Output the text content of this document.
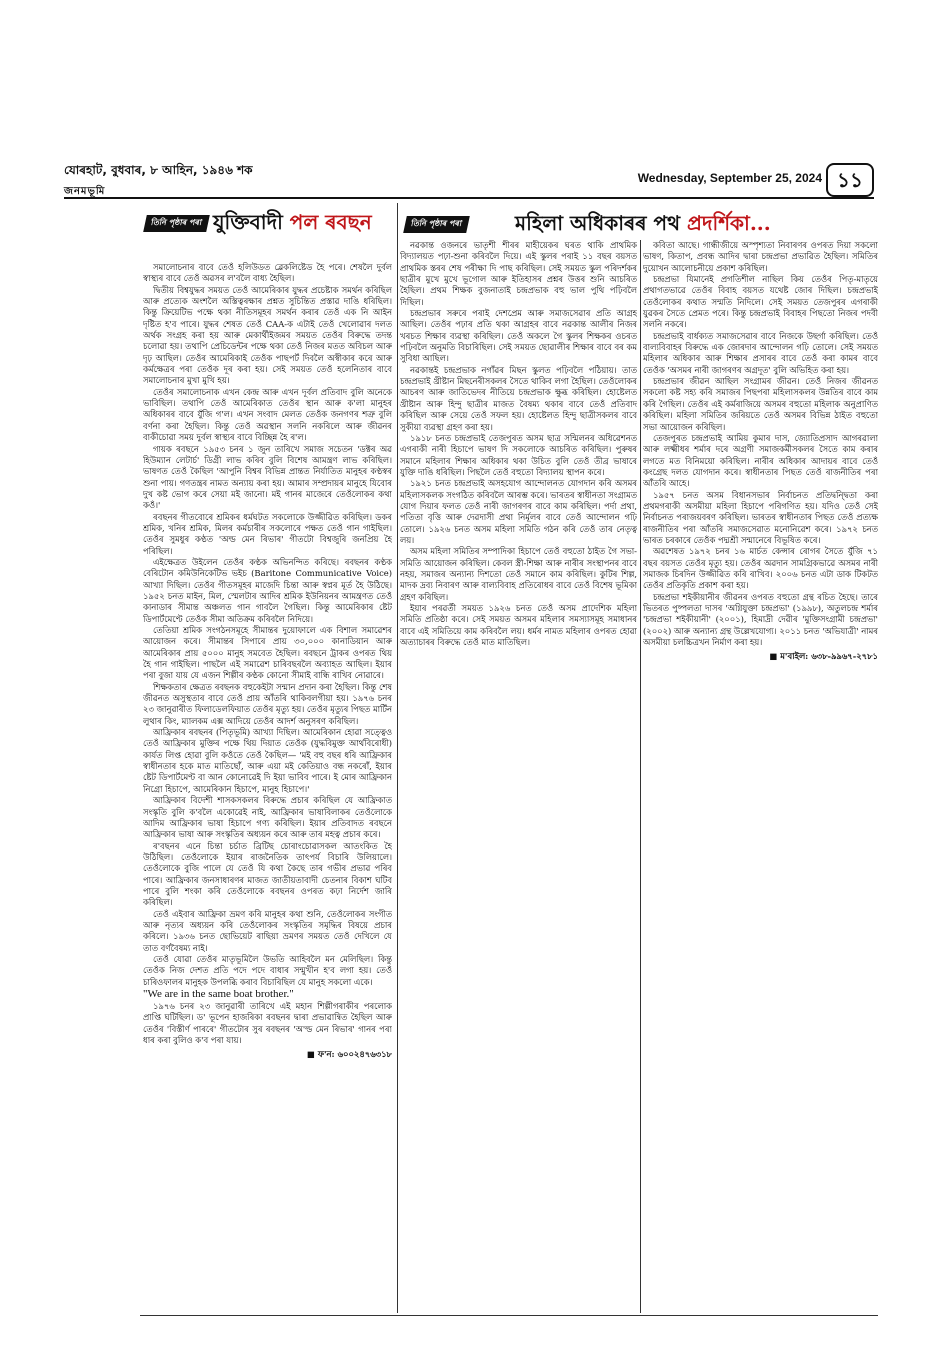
যোৰহাট, বুধবাৰ, ৮ আহিন, ১৯৪৬ শক
জনমভূমি
Wednesday, September 25, 2024 ১১
তিনি পৃষ্ঠাৰ পৰা যুক্তিবাদী পল ৰবছন

সমালোচনাৰ বাবে তেওঁ হলিউডত ব্লেকলিষ্টেড হৈ পৰে। শেষলৈ দুৰ্বল স্বাস্থ্যৰ বাবে তেওঁ অৱসৰ ল'বলৈ বাধ্য হৈছিল।

দ্বিতীয় বিশ্বযুদ্ধৰ সময়ত তেওঁ আমেৰিকাৰ যুদ্ধৰ প্ৰচেষ্টাক সমৰ্থন কৰিছিল আৰু প্ৰত্যেক অংশলৈ অস্তিত্বৰক্ষাৰ প্ৰশ্নত সুচিন্তিত প্ৰস্তাৱ দাঙি ধৰিছিল। কিন্তু ক্ৰিয়েটিভ পক্ষে থকা নীতিসমূহৰ সমৰ্থন কৰাৰ তেওঁ এক নি আইন দৃষ্টিত হ'ব পাৰে। যুদ্ধৰ শেষত তেওঁ CAA-ক এটাই তেওঁ খেলোৱাৰ দলত অৰ্থক সংগ্ৰহ কৰা হয় আৰু মেকাৰ্থীইজমৰ সময়ত তেওঁৰ বিৰুদ্ধে তদন্ত চলোৱা হয়। তথাপি প্ৰেচিডেন্টৰ পক্ষে থকা তেওঁ নিজৰ মতত অবিচল আৰু দৃঢ় আছিল। তেওঁৰ আমেৰিকাই তেওঁক পাছপৰ্ট দিবলৈ অস্বীকাৰ কৰে আৰু কৰ্মক্ষেত্ৰৰ পৰা তেওঁক দূৰ কৰা হয়। সেই সময়ত তেওঁ হলেনিতাৰ বাবে সমালোচনাৰ মুখা মুখি হয়।

তেওঁৰ সমালোচনাক এখন কেন্দ্ৰ আৰু এখন দূৰ্বল প্ৰতিবাদ বুলি অনেকে ভাবিছিল। তথাপি তেওঁ আমেৰিকাত তেওঁৰ স্থান আৰু ক'লা মানুহৰ অধিকাৰৰ বাবে যুঁজি গ'ল। এখন সংবাদ মেলত তেওঁক জনগণৰ শত্ৰু বুলি বৰ্ণনা কৰা হৈছিল। কিন্তু তেওঁ অৱস্থান সলনি নকৰিলে আৰু জীৱনৰ বাকীচোৱা সময় দুৰ্বল স্বাস্থ্যৰ বাবে বিচ্ছিন্ন হৈ ৰ'ল।

গায়ক ৰবছনে ১৯৫৩ চনৰ ১ জুন তাৰিখে সমাজ সচেতন 'ডক্টৰ অৱ হিউম্যান লেটাৰ্চ' ডিগ্ৰী লাভ কৰিব বুলি বিশেষ আমন্ত্ৰণ লাভ কৰিছিল। ভাষণত তেওঁ কৈছিল 'আপুনি বিশ্বৰ বিভিন্ন প্ৰান্তত নিৰ্যাতিত মানুহৰ কণ্ঠস্বৰ শুনা পায়। গণতন্ত্ৰৰ নামত অন্যায় কৰা হয়। আমাৰ সম্প্ৰদায়ৰ মানুহে যিবোৰ দুখ কষ্ট ভোগ কৰে সেয়া মই জানো। মই গানৰ মাজেৰে তেওঁলোকৰ কথা কওঁ।'

ৰবছনৰ গীতবোৰে শ্ৰমিকৰ ধৰ্মঘটত সকলোকে উজ্জীৱিত কৰিছিল। ডকৰ শ্ৰমিক, খনিৰ শ্ৰমিক, মিলৰ কৰ্মচাৰীৰ সকলোৰে পক্ষত তেওঁ গান গাইছিল। তেওঁৰ সুমধুৰ কণ্ঠত 'অল্ড মেন ৰিভাৰ' গীতটো বিশ্বজুৰি জনপ্ৰিয় হৈ পৰিছিল।

এইক্ষেত্ৰত উইলেন তেওঁৰ কণ্ঠক অভিনন্দিত কৰিছে। ৰবছনৰ কণ্ঠক বেৰিটোন কমিউনিকেটিভ ভইচ (Baritone Communicative Voice) আখ্যা দিছিল। তেওঁৰ গীতসমূহৰ মাজেদি চিন্তা আৰু স্বপ্নৰ মূৰ্ত হৈ উঠিছে। ১৯৫২ চনত মাইন, মিল, স্মেলটাৰ আদিৰ শ্ৰমিক ইউনিয়নৰ আমন্ত্ৰণত তেওঁ কানাডাৰ সীমান্ত অঞ্চলত গান গাবলৈ গৈছিল। কিন্তু আমেৰিকাৰ ষ্টেট ডিপাৰ্টমেণ্টে তেওঁক সীমা অতিক্ৰম কৰিবলৈ নিদিয়ে।

তেতিয়া শ্ৰমিক সংগঠনসমূহে সীমান্তৰ দুয়োফালে এক বিশাল সমাৱেশৰ আয়োজন কৰে। সীমান্তৰ সিপাৰে প্ৰায় ৩০,০০০ কানাডিয়ান আৰু আমেৰিকাৰ প্ৰায় ৫০০০ মানুহ সমবেত হৈছিল। ৰবছনে ট্ৰাকৰ ওপৰত থিয় হৈ গান গাইছিল। পাছলৈ এই সমাৱেশ চাৰিবছৰলৈ অব্যাহত আছিল। ইয়াৰ পৰা বুজা যায় যে এজন শিল্পীৰ কণ্ঠক কোনো সীমাই বান্ধি ৰাখিব নোৱাৰে।

শিক্ষকতাৰ ক্ষেত্ৰত ৰবছনক বহুকেইটা সন্মান প্ৰদান কৰা হৈছিল। কিন্তু শেষ জীৱনত অসুস্থতাৰ বাবে তেওঁ প্ৰায় আঁতৰি থাকিবলগীয়া হয়। ১৯৭৬ চনৰ ২৩ জানুৱাৰীত ফিলাডেলফিয়াত তেওঁৰ মৃত্যু হয়। তেওঁৰ মৃত্যুৰ পিছত মাৰ্টিন লুথাৰ কিং, ম্যালকম এক্স আদিয়ে তেওঁৰ আদৰ্শ অনুসৰণ কৰিছিল।

আফ্ৰিকাৰ ৰবছনৰ (পিতৃভূমি) আখ্যা দিছিল। আমেৰিকান হোৱা সত্ত্বেও তেওঁ আফ্ৰিকাৰ মুক্তিৰ পক্ষে থিয় দিয়াত তেওঁক (যুদ্ধবিমুক্ত আৰ্থবিৰোধী) কাৰ্যত লিপ্ত হোৱা বুলি কওঁতে তেওঁ কৈছিল— 'মই বহু বছৰ ধৰি আফ্ৰিকাৰ স্বাধীনতাৰ হকে মাত মাতিছোঁ, আৰু এয়া মই কেতিয়াও বন্ধ নকৰোঁ, ইয়াৰ ষ্টেট ডিপাৰ্টমেণ্ট বা আন কোনোৱেই দি ইয়া ভাবিব পাৰে। ই মোৰ আফ্ৰিকান নিগ্ৰো হিচাপে, আমেৰিকান হিচাপে, মানুহ হিচাপে।'

আফ্ৰিকাৰ বিদেশী শাসকসকলৰ বিৰুদ্ধে প্ৰচাৰ কৰিছিল যে আফ্ৰিকাত সংস্কৃতি বুলি ক'বলৈ একোৱেই নাই, আফ্ৰিকাৰ ভাষাবিলাকৰ তেওঁলোকে আদিম আফ্ৰিকাৰ ভাষা হিচাপে গণ্য কৰিছিল। ইয়াৰ প্ৰতিবাদত ৰবছনে আফ্ৰিকাৰ ভাষা আৰু সংস্কৃতিৰ অধ্যয়ন কৰে আৰু তাৰ মহত্ব প্ৰচাৰ কৰে।

ৰ'বছনৰ এনে চিন্তা চৰ্চাত ব্ৰিটিছ চোৰাংচোৱাসকল আতংকিত হৈ উঠিছিল। তেওঁলোকে ইয়াৰ ৰাজনৈতিক তাৎপৰ্য বিচাৰি উলিয়ালে। তেওঁলোকে বুজি পালে যে তেওঁ যি কথা কৈছে তাৰ গভীৰ প্ৰভাৱ পৰিব পাৰে। আফ্ৰিকাৰ জনসাধাৰণৰ মাজত জাতীয়তাবাদী চেতনাৰ বিকাশ ঘটিব পাৰে বুলি শংকা কৰি তেওঁলোকে ৰবছনৰ ওপৰত কঢ়া নিৰ্দেশ জাৰি কৰিছিল।

তেওঁ এইবাৰ আফ্ৰিকা ভ্ৰমণ কৰি মানুহৰ কথা শুনি, তেওঁলোকৰ সংগীত আৰু নৃত্যৰ অধ্যয়ন কৰি তেওঁলোকৰ সংস্কৃতিৰ সমৃদ্ধিৰ বিষয়ে প্ৰচাৰ কৰিলে। ১৯৩৬ চনত ছোভিয়েট ৰাছিয়া ভ্ৰমণৰ সময়ত তেওঁ দেখিলে যে তাত বৰ্ণবৈষম্য নাই।

তেওঁ যোৱা তেওঁৰ মাতৃভূমিলৈ উভতি আহিবলৈ মন মেলিছিল। কিন্তু তেওঁক নিজ দেশত প্ৰতি পদে পদে বাধাৰ সন্মুখীন হ'ব লগা হয়। তেওঁ চাৰিওফালৰ মানুহক উপলব্ধি কৰাব বিচাৰিছিল যে মানুহ সকলো একে।

"We are in the same boat brother."

১৯৭৬ চনৰ ২৩ জানুৱাৰী তাৰিখে এই মহান শিল্পীগৰাকীৰ পৰলোক প্ৰাপ্তি ঘটিছিল। ড' ভূপেন হাজৰিকা ৰবছনৰ দ্বাৰা প্ৰভাৱান্বিত হৈছিল আৰু তেওঁৰ 'বিস্তীৰ্ণ পাৰৰে' গীতটোৰ সুৰ ৰবছনৰ 'অ'ল্ড মেন ৰিভাৰ' গানৰ পৰা ধাৰ কৰা বুলিও ক'ব পৰা যায়।

■ ফ'ন: ৬০০২৪৭৬৩১৮

তিনি পৃষ্ঠাৰ পৰা	মহিলা অধিকাৰৰ পথ প্ৰদৰ্শিকা...

নৱকান্ত ওজনৰে ভাতৃশী শীৰৰ মাহীয়েকৰ ঘৰত থাকি প্ৰাথমিক বিদ্যালয়ত পঢ়া-শুনা কৰিবলৈ দিয়ে। এই স্কুলৰ পৰাই ১১ বছৰ বয়সত প্ৰাথমিক স্তৰৰ শেষ পৰীক্ষা দি পাছ কৰিছিল। সেই সময়ত স্কুল পৰিদৰ্শকৰ ছাত্ৰীৰ মুখে মুখে ভূগোল আৰু ইতিহাসৰ প্ৰশ্নৰ উত্তৰ শুনি আচৰিত হৈছিল। প্ৰথম শিক্ষক বুজনাতাই চন্দ্ৰপ্ৰভাক বহু ভাল পুথি পঢ়িবলৈ দিছিল।

চন্দ্ৰপ্ৰভাৰ সৰুৰে পৰাই দেশপ্ৰেম আৰু সমাজসেৱাৰ প্ৰতি আগ্ৰহ আছিল। তেওঁৰ পঢ়াৰ প্ৰতি থকা আগ্ৰহৰ বাবে নৱকান্ত আলীৰ নিজৰ খৰচত শিক্ষাৰ ব্যৱস্থা কৰিছিল। তেওঁ অকলে গৈ স্কুলৰ শিক্ষকৰ ওচৰত পঢ়িবলৈ অনুমতি বিচাৰিছিল। সেই সময়ত ছোৱালীৰ শিক্ষাৰ বাবে বৰ কম সুবিধা আছিল।

নৱকান্তই চন্দ্ৰপ্ৰভাক নগাঁৱৰ মিছন স্কুলত পঢ়িবলৈ পঠিয়ায়। তাত চন্দ্ৰপ্ৰভাই খ্ৰীষ্টান মিছনেৰীসকলৰ সৈতে থাকিব লগা হৈছিল। তেওঁলোকৰ আচৰণ আৰু জাতিভেদৰ নীতিয়ে চন্দ্ৰপ্ৰভাক ক্ষুব্ধ কৰিছিল। হোষ্টেলত খ্ৰীষ্টান আৰু হিন্দু ছাত্ৰীৰ মাজত বৈষম্য থকাৰ বাবে তেওঁ প্ৰতিবাদ কৰিছিল আৰু সেয়ে তেওঁ সফল হয়। হোষ্টেলত হিন্দু ছাত্ৰীসকলৰ বাবে সুকীয়া ব্যৱস্থা গ্ৰহণ কৰা হয়।

১৯১৮ চনত চন্দ্ৰপ্ৰভাই তেজপুৰত অসম ছাত্ৰ সন্মিলনৰ অধিৱেশনত এগৰাকী নাৰী হিচাপে ভাষণ দি সকলোকে আচৰিত কৰিছিল। পুৰুষৰ সমানে মহিলাৰ শিক্ষাৰ অধিকাৰ থকা উচিত বুলি তেওঁ তীব্ৰ ভাষাৰে যুক্তি দাঙি ধৰিছিল। পিছলৈ তেওঁ বহুতো বিদ্যালয় স্থাপন কৰে।

১৯২১ চনত চন্দ্ৰপ্ৰভাই অসহযোগ আন্দোলনত যোগদান কৰি অসমৰ মহিলাসকলক সংগঠিত কৰিবলৈ আৰম্ভ কৰে। ভাৰতৰ স্বাধীনতা সংগ্ৰামত যোগ দিয়াৰ ফলত তেওঁ নাৰী জাগৰণৰ বাবে কাম কৰিছিল। পৰ্দা প্ৰথা, পতিতা বৃত্তি আৰু দেৱদাসী প্ৰথা নিৰ্মূলৰ বাবে তেওঁ আন্দোলন গঢ়ি তোলে। ১৯২৬ চনত অসম মহিলা সমিতি গঠন কৰি তেওঁ তাৰ নেতৃত্ব লয়।

অসম মহিলা সমিতিৰ সম্পাদিকা হিচাপে তেওঁ বহুতো ঠাইত গৈ সভা-সমিতি আয়োজন কৰিছিল। কেবল স্ত্ৰী-শিক্ষা আৰু নাৰীৰ সংস্থাপনৰ বাবে নহয়, সমাজৰ অন্যান্য দিশতো তেওঁ সমানে কাম কৰিছিল। কুটিৰ শিল্প, মাদক দ্ৰব্য নিবাৰণ আৰু বাল্যবিবাহ প্ৰতিৰোধৰ বাবে তেওঁ বিশেষ ভূমিকা গ্ৰহণ কৰিছিল।

ইয়াৰ পৰৱৰ্তী সময়ত ১৯২৬ চনত তেওঁ অসম প্ৰাদেশিক মহিলা সমিতি প্ৰতিষ্ঠা কৰে। সেই সময়ত অসমৰ মহিলাৰ সমস্যাসমূহ সমাধানৰ বাবে এই সমিতিয়ে কাম কৰিবলৈ লয়। ধৰ্মৰ নামত মহিলাৰ ওপৰত হোৱা অত্যাচাৰৰ বিৰুদ্ধে তেওঁ মাত মাতিছিল।

কবিতা আছে। গান্ধীজীয়ে অস্পৃশ্যতা নিবাৰণৰ ওপৰত দিয়া সকলো ভাষণ, কিতাপ, প্ৰবন্ধ আদিৰ দ্বাৰা চন্দ্ৰপ্ৰভা প্ৰভাৱিত হৈছিল। সমিতিৰ দুয়োখন আলোচনীয়ে প্ৰকাশ কৰিছিল।

চন্দ্ৰপ্ৰভা যিমানেই প্ৰগতিশীল নাছিল কিয় তেওঁৰ পিতৃ-মাতৃয়ে প্ৰথাগতভাৱে তেওঁৰ বিবাহ বয়সত যথেষ্ট জোৰ দিছিল। চন্দ্ৰপ্ৰভাই তেওঁলোকৰ কথাত সন্মতি নিদিলে। সেই সময়ত তেজপুৰৰ এগৰাকী যুৱকৰ সৈতে প্ৰেমত পৰে। কিন্তু চন্দ্ৰপ্ৰভাই বিবাহৰ পিছতো নিজৰ পদবী সলনি নকৰে।

চন্দ্ৰপ্ৰভাই বাৰ্ধক্যত সমাজসেৱাৰ বাবে নিজকে উছৰ্গা কৰিছিল। তেওঁ বাল্যবিবাহৰ বিৰুদ্ধে এক জোৰদাৰ আন্দোলন গঢ়ি তোলে। সেই সময়ত মহিলাৰ অধিকাৰ আৰু শিক্ষাৰ প্ৰসাৰৰ বাবে তেওঁ কৰা কামৰ বাবে তেওঁক 'অসমৰ নাৰী জাগৰণৰ অগ্ৰদূত' বুলি অভিহিত কৰা হয়।

চন্দ্ৰপ্ৰভাৰ জীৱন আছিল সংগ্ৰামৰ জীৱন। তেওঁ নিজৰ জীৱনত সকলো কষ্ট সহ্য কৰি সমাজৰ পিছপৰা মহিলাসকলৰ উন্নতিৰ বাবে কাম কৰি গৈছিল। তেওঁৰ এই কৰ্মৰাজিয়ে অসমৰ বহুতো মহিলাক অনুপ্ৰাণিত কৰিছিল। মহিলা সমিতিৰ জৰিয়তে তেওঁ অসমৰ বিভিন্ন ঠাইত বহুতো সভা আয়োজন কৰিছিল।

তেজপুৰত চন্দ্ৰপ্ৰভাই আমিয় কুমাৰ দাস, জ্যোতিপ্ৰসাদ আগৰৱালা আৰু লক্ষ্মীধৰ শৰ্মাৰ দৰে অগ্ৰণী সমাজকৰ্মীসকলৰ সৈতে কাম কৰাৰ লগতে মত বিনিময়ো কৰিছিল। নাৰীৰ অধিকাৰ আদায়ৰ বাবে তেওঁ কংগ্ৰেছ দলত যোগদান কৰে। স্বাধীনতাৰ পিছত তেওঁ ৰাজনীতিৰ পৰা আঁতৰি আহে।

১৯৫৭ চনত অসম বিধানসভাৰ নিৰ্বাচনত প্ৰতিদ্বন্দ্বিতা কৰা প্ৰথমগৰাকী অসমীয়া মহিলা হিচাপে পৰিগণিত হয়। যদিও তেওঁ সেই নিৰ্বাচনত পৰাজয়বৰণ কৰিছিল। ভাৰতৰ স্বাধীনতাৰ পিছত তেওঁ প্ৰত্যক্ষ ৰাজনীতিৰ পৰা আঁতৰি সমাজসেৱাত মনোনিৱেশ কৰে। ১৯৭২ চনত ভাৰত চৰকাৰে তেওঁক পদ্মশ্ৰী সন্মানেৰে বিভূষিত কৰে।

অৱশেষত ১৯৭২ চনৰ ১৬ মাৰ্চত কেন্সাৰ ৰোগৰ সৈতে যুঁজি ৭১ বছৰ বয়সত তেওঁৰ মৃত্যু হয়। তেওঁৰ অৱদান সামগ্ৰিকভাৱে অসমৰ নাৰী সমাজক চিৰদিন উজ্জীৱিত কৰি ৰাখিব। ২০০৬ চনত এটা ডাক টিকটত তেওঁৰ প্ৰতিকৃতি প্ৰকাশ কৰা হয়।

চন্দ্ৰপ্ৰভা শইকীয়ানীৰ জীৱনৰ ওপৰত বহুতো গ্ৰন্থ ৰচিত হৈছে। তাৰে ভিতৰত পুষ্পলতা দাসৰ 'অগ্নিযুক্তা চন্দ্ৰপ্ৰভা' (১৯৯৮), অতুলচন্দ্ৰ শৰ্মাৰ 'চন্দ্ৰপ্ৰভা শইকীয়ানী' (২০০১), হিমাদ্ৰী দেৱীৰ 'মুক্তিসংগ্ৰামী চন্দ্ৰপ্ৰভা' (২০০২) আৰু অন্যান্য গ্ৰন্থ উল্লেখযোগ্য। ২০১১ চনত 'অভিযাত্ৰী' নামৰ অসমীয়া চলচ্চিত্ৰখন নিৰ্মাণ কৰা হয়।

■ ম'বাইল: ৬৩৮-৯৯৬৭-২৭৮১
